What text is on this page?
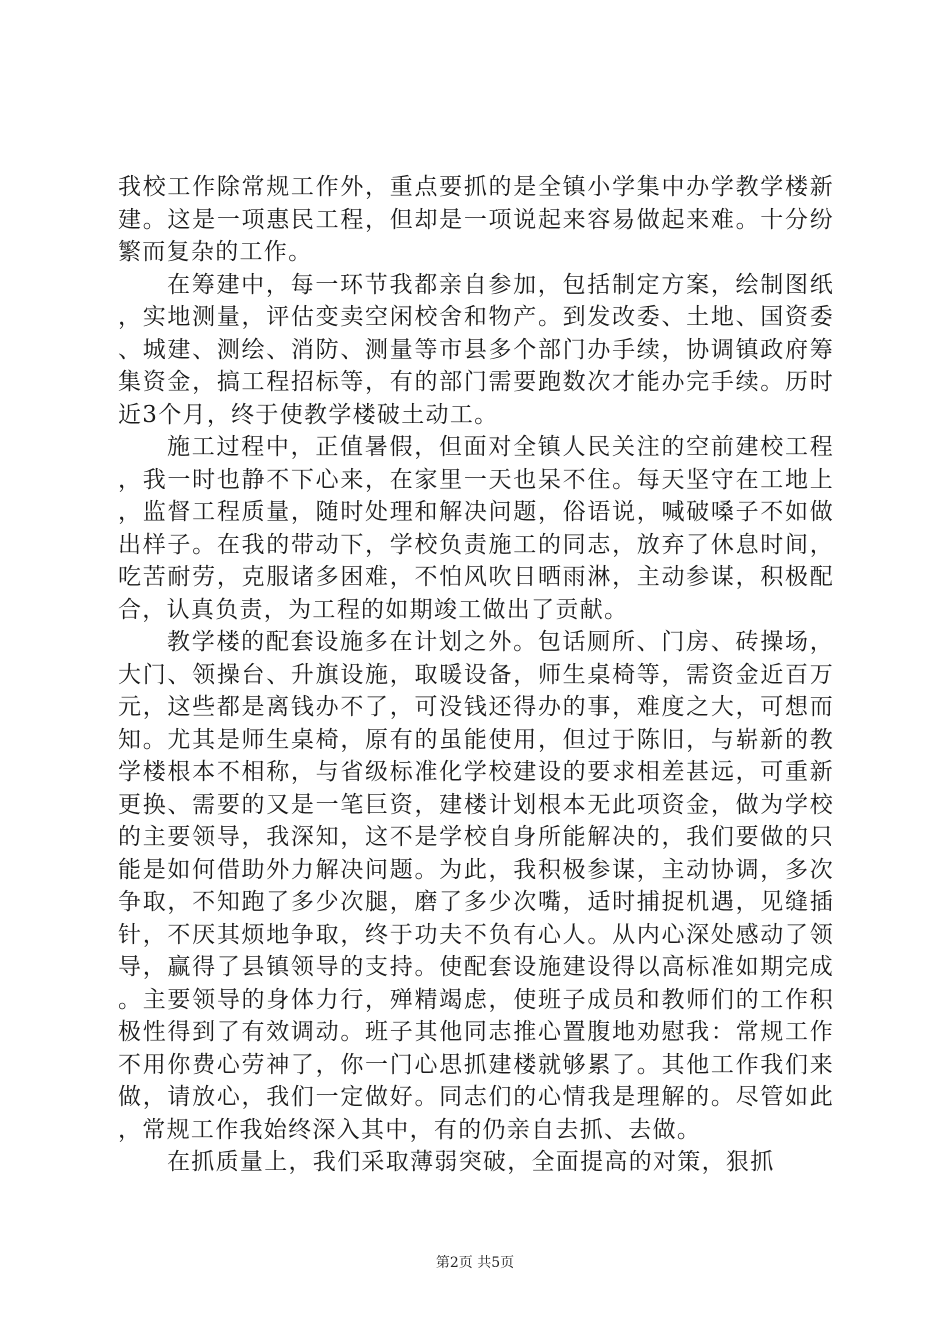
我校工作除常规工作外，重点要抓的是全镇小学集中办学教学楼新建。这是一项惠民工程，但却是一项说起来容易做起来难。十分纷繁而复杂的工作。

在筹建中，每一环节我都亲自参加，包括制定方案，绘制图纸，实地测量，评估变卖空闲校舍和物产。到发改委、土地、国资委、城建、测绘、消防、测量等市县多个部门办手续，协调镇政府筹集资金，搞工程招标等，有的部门需要跑数次才能办完手续。历时近3个月，终于使教学楼破土动工。

施工过程中，正值暑假，但面对全镇人民关注的空前建校工程，我一时也静不下心来，在家里一天也呆不住。每天坚守在工地上，监督工程质量，随时处理和解决问题，俗语说，喊破嗓子不如做出样子。在我的带动下，学校负责施工的同志，放弃了休息时间，吃苦耐劳，克服诸多困难，不怕风吹日晒雨淋，主动参谋，积极配合，认真负责，为工程的如期竣工做出了贡献。

教学楼的配套设施多在计划之外。包话厕所、门房、砖操场，大门、领操台、升旗设施，取暖设备，师生桌椅等，需资金近百万元，这些都是离钱办不了，可没钱还得办的事，难度之大，可想而知。尤其是师生桌椅，原有的虽能使用，但过于陈旧，与崭新的教学楼根本不相称，与省级标准化学校建设的要求相差甚远，可重新更换、需要的又是一笔巨资，建楼计划根本无此项资金，做为学校的主要领导，我深知，这不是学校自身所能解决的，我们要做的只能是如何借助外力解决问题。为此，我积极参谋，主动协调，多次争取，不知跑了多少次腿，磨了多少次嘴，适时捕捉机遇，见缝插针，不厌其烦地争取，终于功夫不负有心人。从内心深处感动了领导，赢得了县镇领导的支持。使配套设施建设得以高标准如期完成。主要领导的身体力行，殚精竭虑，使班子成员和教师们的工作积极性得到了有效调动。班子其他同志推心置腹地劝慰我：常规工作不用你费心劳神了，你一门心思抓建楼就够累了。其他工作我们来做，请放心，我们一定做好。同志们的心情我是理解的。尽管如此，常规工作我始终深入其中，有的仍亲自去抓、去做。

在抓质量上，我们采取薄弱突破，全面提高的对策，狠抓

第2页 共5页
